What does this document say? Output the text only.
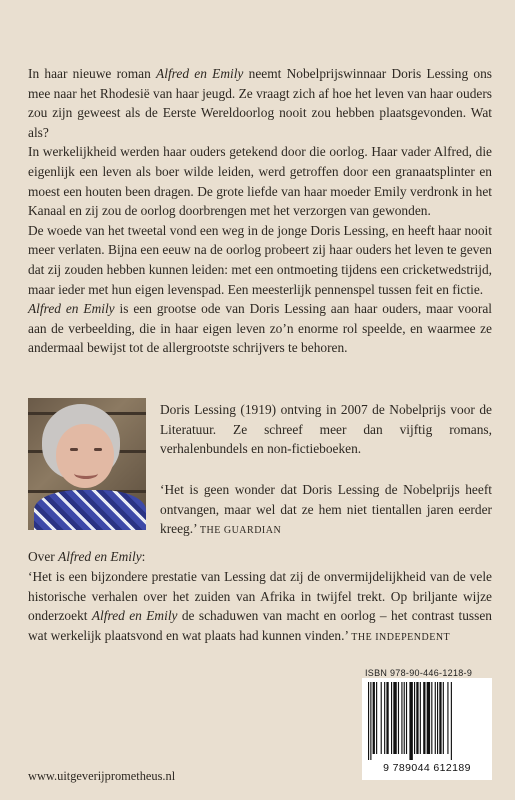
In haar nieuwe roman Alfred en Emily neemt Nobelprijswinnaar Doris Lessing ons mee naar het Rhodesië van haar jeugd. Ze vraagt zich af hoe het leven van haar ouders zou zijn geweest als de Eerste Wereldoorlog nooit zou hebben plaatsgevonden. Wat als?

In werkelijkheid werden haar ouders getekend door die oorlog. Haar vader Alfred, die eigenlijk een leven als boer wilde leiden, werd getroffen door een granaatsplinter en moest een houten been dragen. De grote liefde van haar moeder Emily verdronk in het Kanaal en zij zou de oorlog doorbrengen met het verzorgen van gewonden.

De woede van het tweetal vond een weg in de jonge Doris Lessing, en heeft haar nooit meer verlaten. Bijna een eeuw na de oorlog probeert zij haar ouders het leven te geven dat zij zouden hebben kunnen leiden: met een ontmoeting tijdens een cricketwedstrijd, maar ieder met hun eigen levenspad. Een meesterlijk pennenspel tussen feit en fictie.

Alfred en Emily is een grootse ode van Doris Lessing aan haar ouders, maar vooral aan de verbeelding, die in haar eigen leven zo’n enorme rol speelde, en waarmee ze andermaal bewijst tot de allergrootste schrijvers te behoren.

Doris Lessing (1919) ontving in 2007 de Nobelprijs voor de Literatuur. Ze schreef meer dan vijftig romans, verhalenbundels en non-fictieboeken.

‘Het is geen wonder dat Doris Lessing de Nobelprijs heeft ontvangen, maar wel dat ze hem niet tientallen jaren eerder kreeg.’ THE GUARDIAN

Over Alfred en Emily:

‘Het is een bijzondere prestatie van Lessing dat zij de onvermijdelijkheid van de vele historische verhalen over het zuiden van Afrika in twijfel trekt. Op briljante wijze onderzoekt Alfred en Emily de schaduwen van macht en oorlog – het contrast tussen wat werkelijk plaatsvond en wat plaats had kunnen vinden.’ THE INDEPENDENT

ISBN 978-90-446-1218-9
9 789044 612189
www.uitgeverijprometheus.nl
